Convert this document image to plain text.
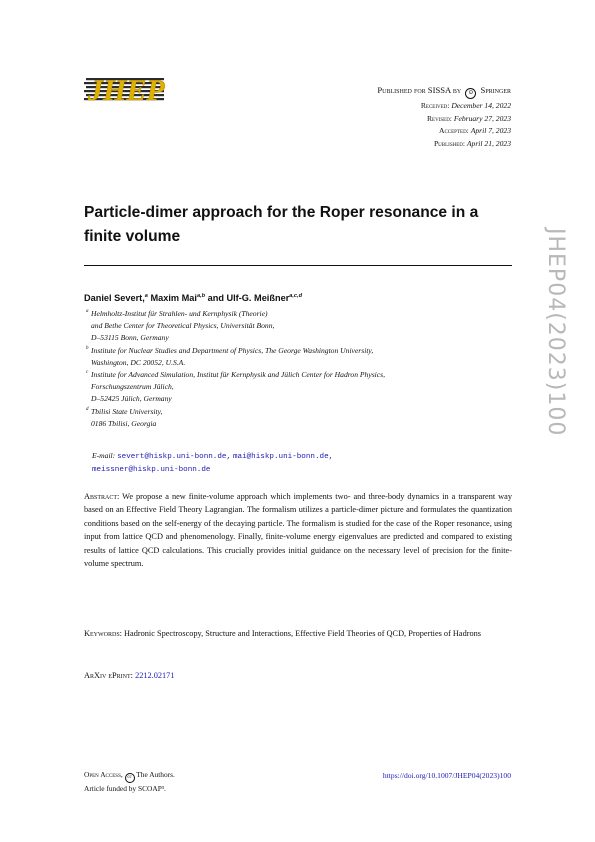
JHEP	Published for SISSA by ⊙ Springer
Received: December 14, 2022
Revised: February 27, 2023
Accepted: April 7, 2023
Published: April 21, 2023
Particle-dimer approach for the Roper resonance in a finite volume
Daniel Severt,$^a$ Maxim Mai$^{a,b}$ and Ulf-G. Meißner$^{a,c,d}$
a Helmholtz-Institut für Strahlen- und Kernphysik (Theorie)
and Bethe Center for Theoretical Physics, Universität Bonn,
D–53115 Bonn, Germany
b Institute for Nuclear Studies and Department of Physics, The George Washington University,
Washington, DC 20052, U.S.A.
c Institute for Advanced Simulation, Institut für Kernphysik and Jülich Center for Hadron Physics,
Forschungszentrum Jülich,
D–52425 Jülich, Germany
d Tbilisi State University,
0186 Tbilisi, Georgia
E-mail: severt@hiskp.uni-bonn.de, mai@hiskp.uni-bonn.de,
meissner@hiskp.uni-bonn.de
Abstract: We propose a new finite-volume approach which implements two- and three-body dynamics in a transparent way based on an Effective Field Theory Lagrangian. The formalism utilizes a particle-dimer picture and formulates the quantization conditions based on the self-energy of the decaying particle. The formalism is studied for the case of the Roper resonance, using input from lattice QCD and phenomenology. Finally, finite-volume energy eigenvalues are predicted and compared to existing results of lattice QCD calculations. This crucially provides initial guidance on the necessary level of precision for the finite-volume spectrum.
Keywords: Hadronic Spectroscopy, Structure and Interactions, Effective Field Theories of QCD, Properties of Hadrons
ArXiv ePrint: 2212.02171
JHEP04(2023)100
Open Access, cc The Authors.
Article funded by SCOAP³.
https://doi.org/10.1007/JHEP04(2023)100
